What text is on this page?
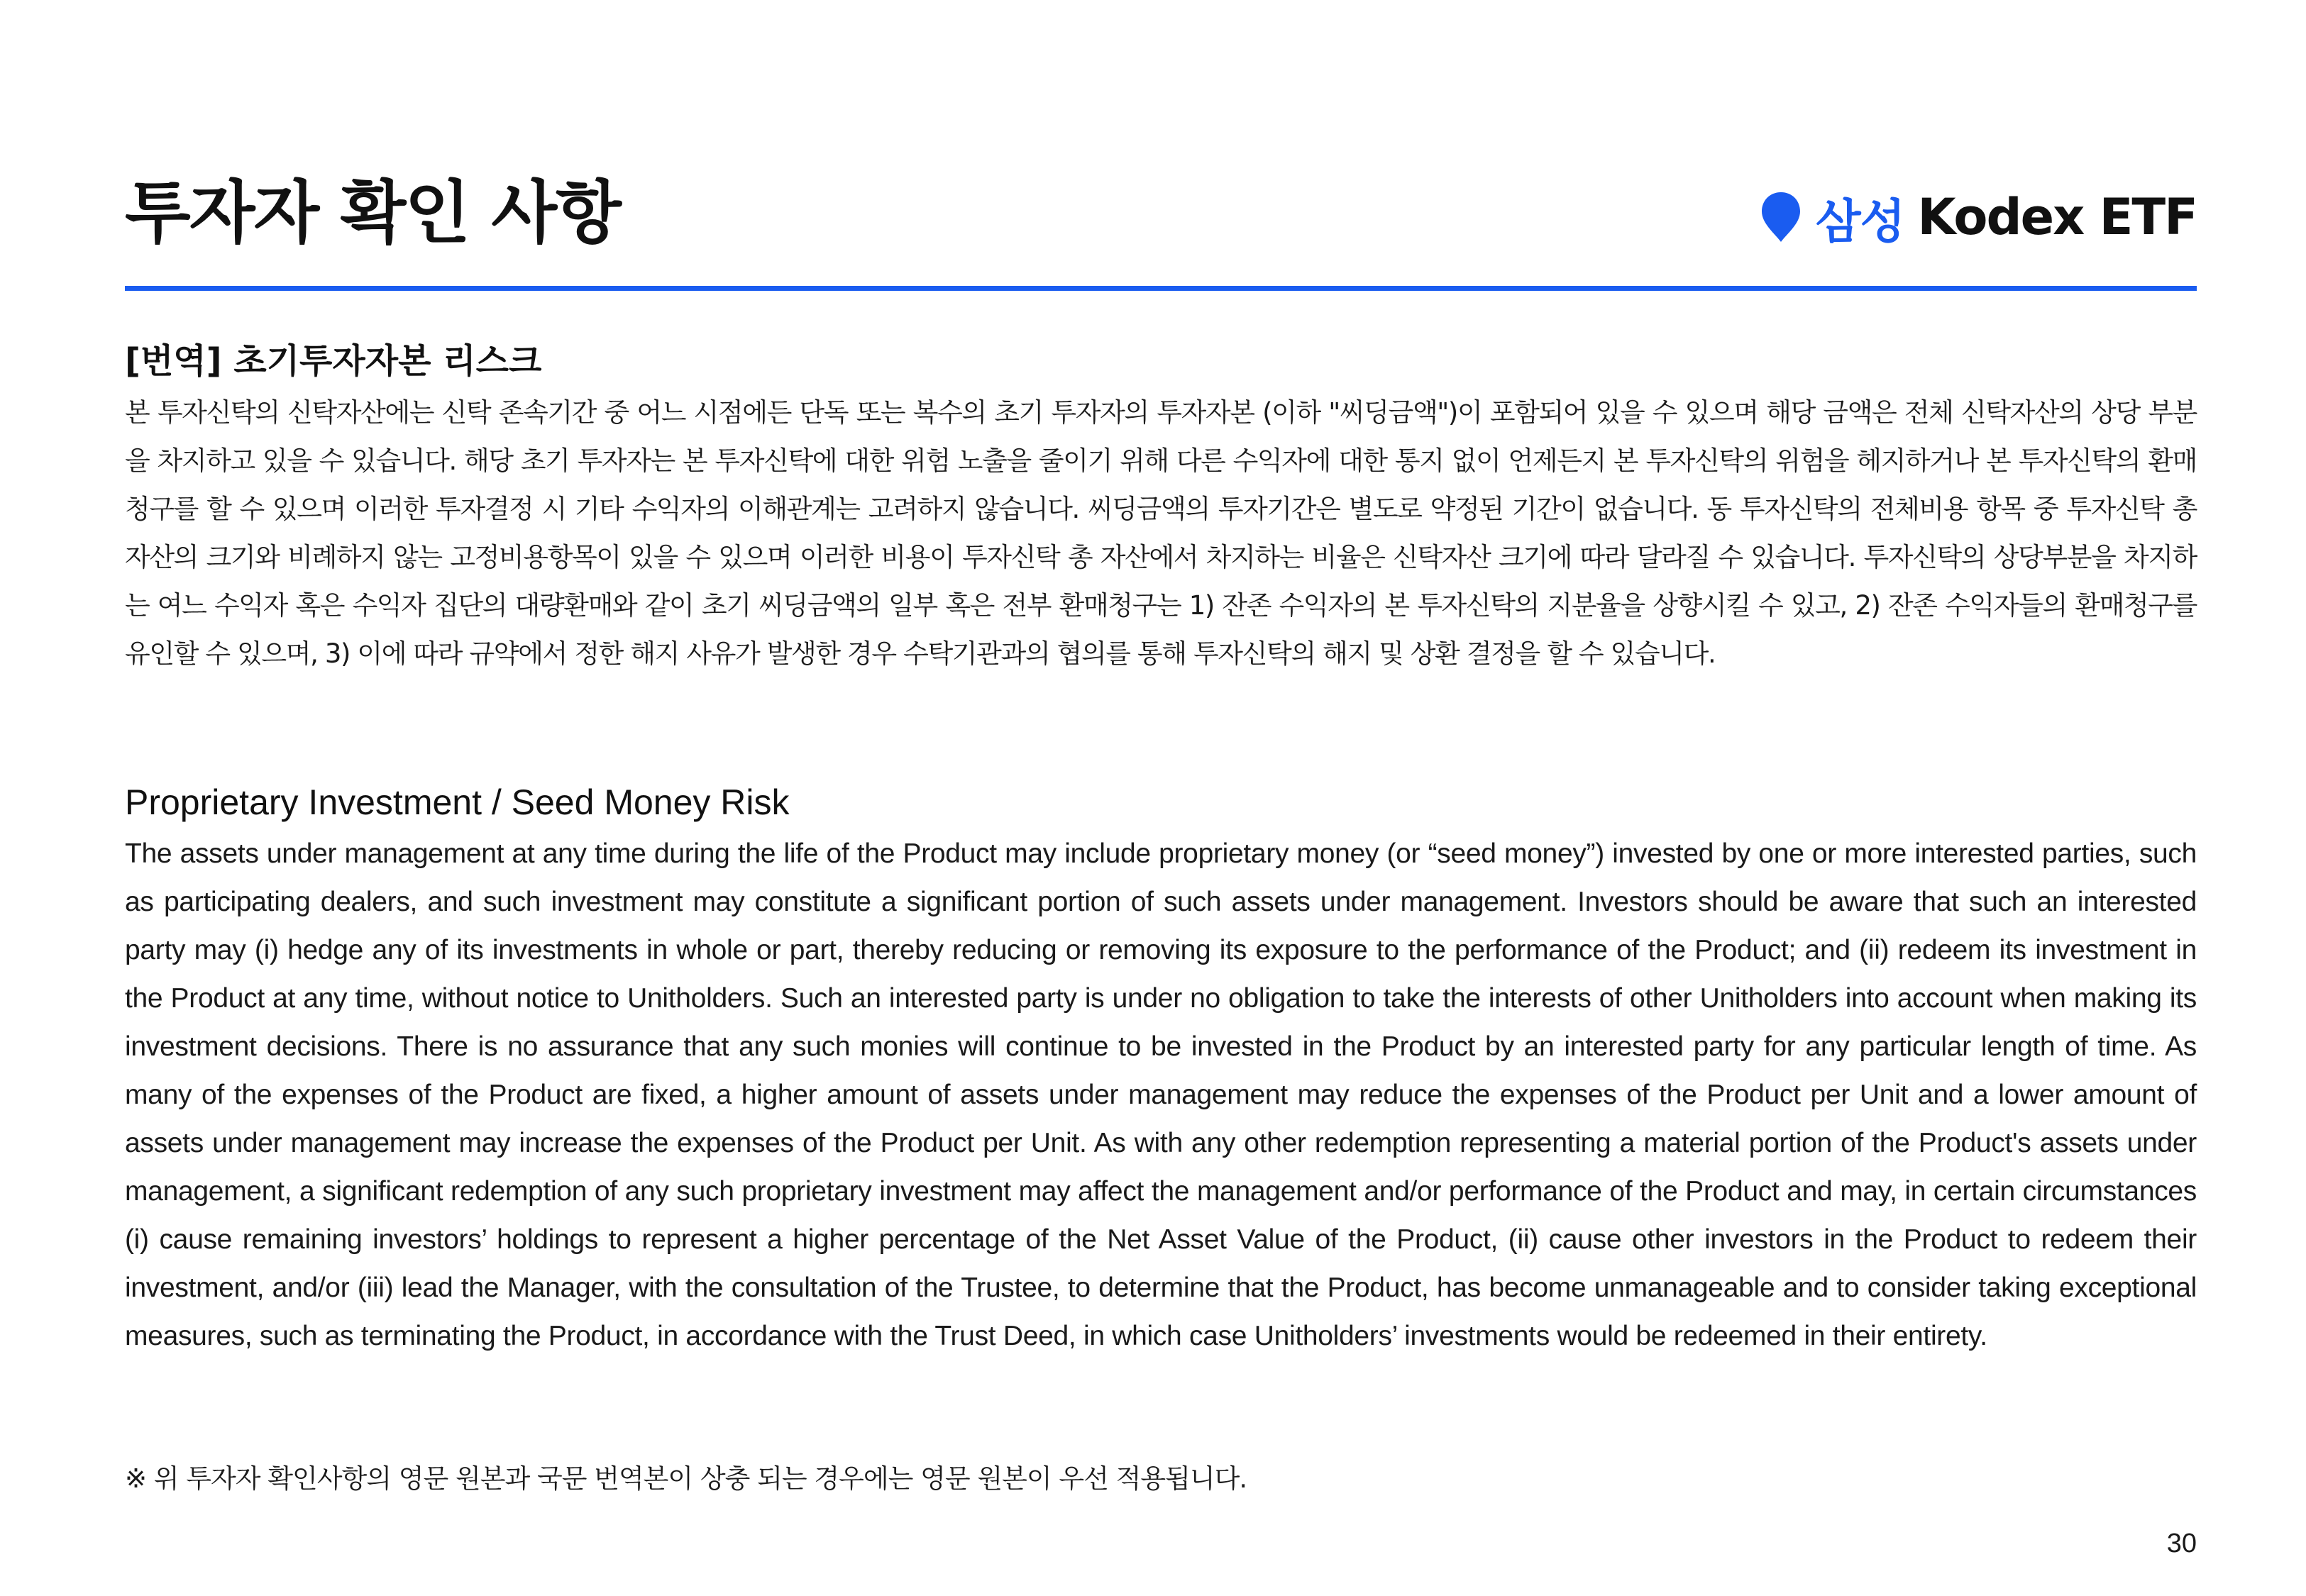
투자자 확인 사항	삼성 Kodex ETF
[번역] 초기투자자본 리스크

본 투자신탁의 신탁자산에는 신탁 존속기간 중 어느 시점에든 단독 또는 복수의 초기 투자자의 투자자본 (이하 "씨딩금액")이 포함되어 있을 수 있으며 해당 금액은 전체 신탁자산의 상당 부분을 차지하고 있을 수 있습니다. 해당 초기 투자자는 본 투자신탁에 대한 위험 노출을 줄이기 위해 다른 수익자에 대한 통지 없이 언제든지 본 투자신탁의 위험을 헤지하거나 본 투자신탁의 환매청구를 할 수 있으며 이러한 투자결정 시 기타 수익자의 이해관계는 고려하지 않습니다. 씨딩금액의 투자기간은 별도로 약정된 기간이 없습니다. 동 투자신탁의 전체비용 항목 중 투자신탁 총 자산의 크기와 비례하지 않는 고정비용항목이 있을 수 있으며 이러한 비용이 투자신탁 총 자산에서 차지하는 비율은 신탁자산 크기에 따라 달라질 수 있습니다. 투자신탁의 상당부분을 차지하는 여느 수익자 혹은 수익자 집단의 대량환매와 같이 초기 씨딩금액의 일부 혹은 전부 환매청구는 1) 잔존 수익자의 본 투자신탁의 지분율을 상향시킬 수 있고, 2) 잔존 수익자들의 환매청구를 유인할 수 있으며, 3) 이에 따라 규약에서 정한 해지 사유가 발생한 경우 수탁기관과의 협의를 통해 투자신탁의 해지 및 상환 결정을 할 수 있습니다.

Proprietary Investment / Seed Money Risk

The assets under management at any time during the life of the Product may include proprietary money (or “seed money”) invested by one or more interested parties, such as participating dealers, and such investment may constitute a significant portion of such assets under management. Investors should be aware that such an interested party may (i) hedge any of its investments in whole or part, thereby reducing or removing its exposure to the performance of the Product; and (ii) redeem its investment in the Product at any time, without notice to Unitholders. Such an interested party is under no obligation to take the interests of other Unitholders into account when making its investment decisions. There is no assurance that any such monies will continue to be invested in the Product by an interested party for any particular length of time. As many of the expenses of the Product are fixed, a higher amount of assets under management may reduce the expenses of the Product per Unit and a lower amount of assets under management may increase the expenses of the Product per Unit. As with any other redemption representing a material portion of the Product's assets under management, a significant redemption of any such proprietary investment may affect the management and/or performance of the Product and may, in certain circumstances (i) cause remaining investors’ holdings to represent a higher percentage of the Net Asset Value of the Product, (ii) cause other investors in the Product to redeem their investment, and/or (iii) lead the Manager, with the consultation of the Trustee, to determine that the Product, has become unmanageable and to consider taking exceptional measures, such as terminating the Product, in accordance with the Trust Deed, in which case Unitholders’ investments would be redeemed in their entirety.

※ 위 투자자 확인사항의 영문 원본과 국문 번역본이 상충 되는 경우에는 영문 원본이 우선 적용됩니다.
30
